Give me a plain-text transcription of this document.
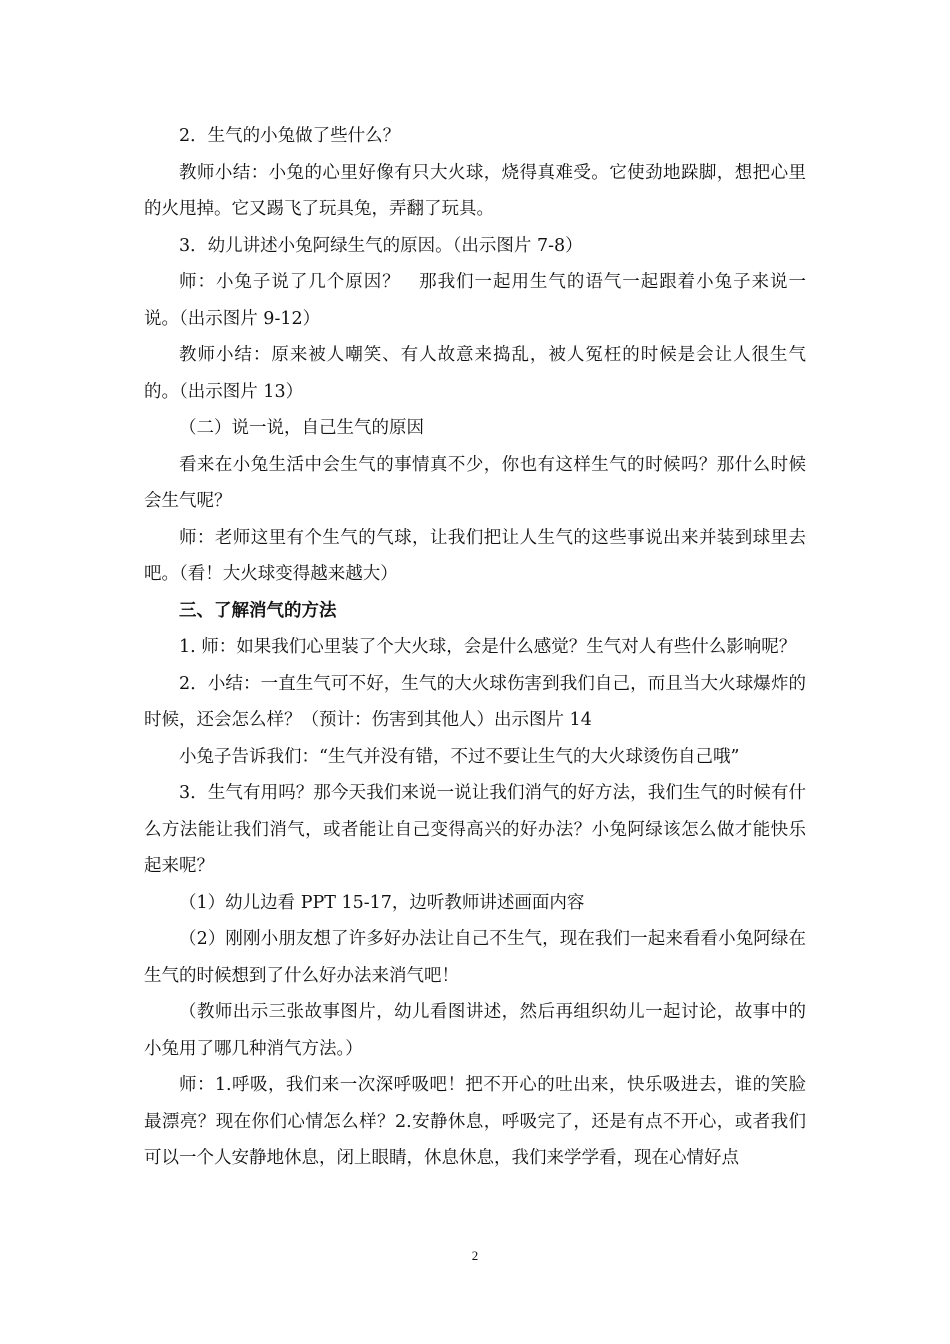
2．生气的小兔做了些什么？

教师小结：小兔的心里好像有只大火球，烧得真难受。它使劲地跺脚，想把心里的火甩掉。它又踢飞了玩具兔，弄翻了玩具。

3．幼儿讲述小兔阿绿生气的原因。（出示图片 7-8）

师：小兔子说了几个原因？　那我们一起用生气的语气一起跟着小兔子来说一说。（出示图片 9-12）

教师小结：原来被人嘲笑、有人故意来捣乱，被人冤枉的时候是会让人很生气的。（出示图片 13）

（二）说一说，自己生气的原因

看来在小兔生活中会生气的事情真不少，你也有这样生气的时候吗？那什么时候会生气呢？

师：老师这里有个生气的气球，让我们把让人生气的这些事说出来并装到球里去吧。（看！大火球变得越来越大）

三、了解消气的方法

1. 师：如果我们心里装了个大火球，会是什么感觉？生气对人有些什么影响呢？

2．小结：一直生气可不好，生气的大火球伤害到我们自己，而且当大火球爆炸的时候，还会怎么样？（预计：伤害到其他人）出示图片 14

小兔子告诉我们：“生气并没有错，不过不要让生气的大火球烫伤自己哦”

3．生气有用吗？那今天我们来说一说让我们消气的好方法，我们生气的时候有什么方法能让我们消气，或者能让自己变得高兴的好办法？小兔阿绿该怎么做才能快乐起来呢？

（1）幼儿边看 PPT 15-17，边听教师讲述画面内容

（2）刚刚小朋友想了许多好办法让自己不生气，现在我们一起来看看小兔阿绿在生气的时候想到了什么好办法来消气吧！

（教师出示三张故事图片，幼儿看图讲述，然后再组织幼儿一起讨论，故事中的小兔用了哪几种消气方法。）

师：1.呼吸，我们来一次深呼吸吧！把不开心的吐出来，快乐吸进去，谁的笑脸最漂亮？现在你们心情怎么样？2.安静休息，呼吸完了，还是有点不开心，或者我们可以一个人安静地休息，闭上眼睛，休息休息，我们来学学看，现在心情好点

2
